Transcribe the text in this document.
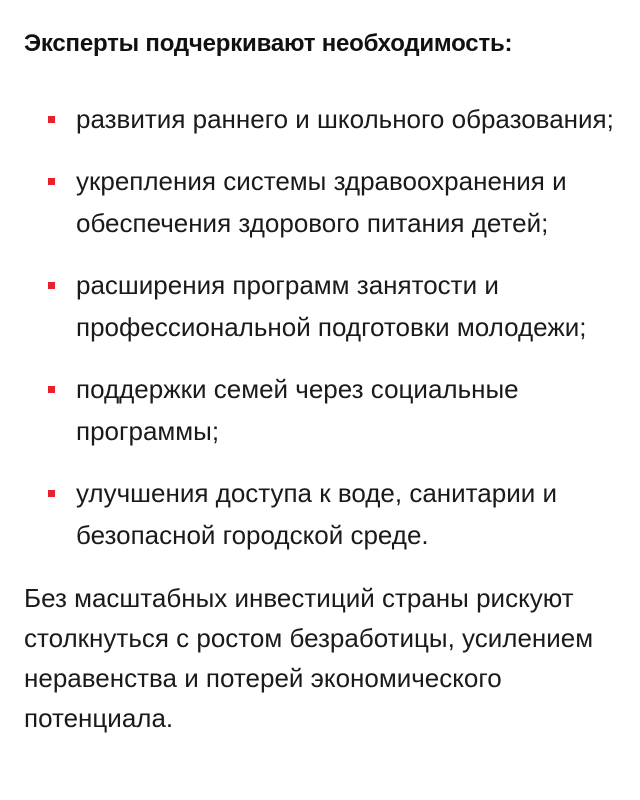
Эксперты подчеркивают необходимость:
развития раннего и школьного образования;
укрепления системы здравоохранения и обеспечения здорового питания детей;
расширения программ занятости и профессиональной подготовки молодежи;
поддержки семей через социальные программы;
улучшения доступа к воде, санитарии и безопасной городской среде.

Без масштабных инвестиций страны рискуют столкнуться с ростом безработицы, усилением неравенства и потерей экономического потенциала.
